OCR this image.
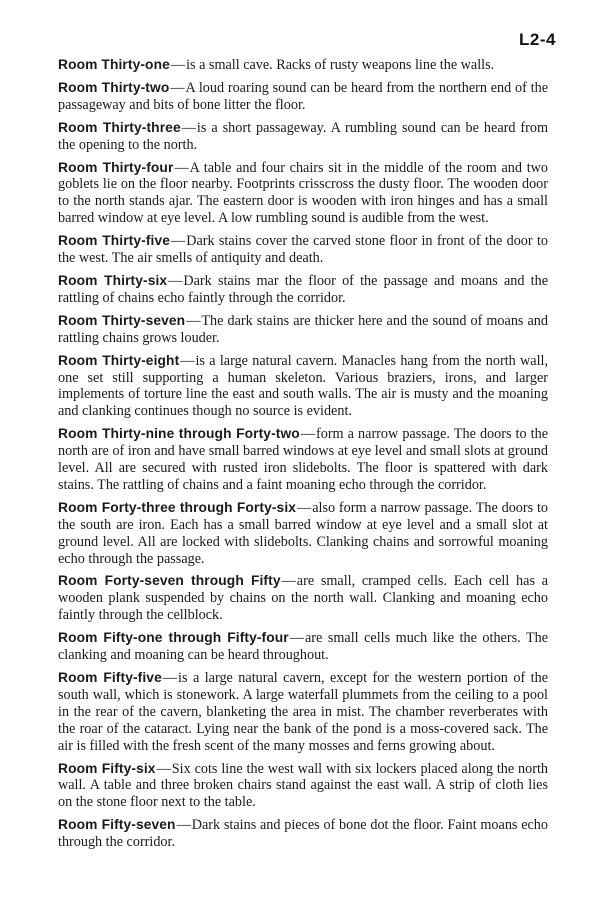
L2-4

Room Thirty-one—is a small cave. Racks of rusty weapons line the walls.

Room Thirty-two—A loud roaring sound can be heard from the northern end of the passageway and bits of bone litter the floor.

Room Thirty-three—is a short passageway. A rumbling sound can be heard from the opening to the north.

Room Thirty-four—A table and four chairs sit in the middle of the room and two goblets lie on the floor nearby. Footprints crisscross the dusty floor. The wooden door to the north stands ajar. The eastern door is wooden with iron hinges and has a small barred window at eye level. A low rumbling sound is audible from the west.

Room Thirty-five—Dark stains cover the carved stone floor in front of the door to the west. The air smells of antiquity and death.

Room Thirty-six—Dark stains mar the floor of the passage and moans and the rattling of chains echo faintly through the corridor.

Room Thirty-seven—The dark stains are thicker here and the sound of moans and rattling chains grows louder.

Room Thirty-eight—is a large natural cavern. Manacles hang from the north wall, one set still supporting a human skeleton. Various braziers, irons, and larger implements of torture line the east and south walls. The air is musty and the moaning and clanking continues though no source is evident.

Room Thirty-nine through Forty-two—form a narrow passage. The doors to the north are of iron and have small barred windows at eye level and small slots at ground level. All are secured with rusted iron slidebolts. The floor is spattered with dark stains. The rattling of chains and a faint moaning echo through the corridor.

Room Forty-three through Forty-six—also form a narrow passage. The doors to the south are iron. Each has a small barred window at eye level and a small slot at ground level. All are locked with slidebolts. Clanking chains and sorrowful moaning echo through the passage.

Room Forty-seven through Fifty—are small, cramped cells. Each cell has a wooden plank suspended by chains on the north wall. Clanking and moaning echo faintly through the cellblock.

Room Fifty-one through Fifty-four—are small cells much like the others. The clanking and moaning can be heard throughout.

Room Fifty-five—is a large natural cavern, except for the western portion of the south wall, which is stonework. A large waterfall plummets from the ceiling to a pool in the rear of the cavern, blanketing the area in mist. The chamber reverberates with the roar of the cataract. Lying near the bank of the pond is a moss-covered sack. The air is filled with the fresh scent of the many mosses and ferns growing about.

Room Fifty-six—Six cots line the west wall with six lockers placed along the north wall. A table and three broken chairs stand against the east wall. A strip of cloth lies on the stone floor next to the table.

Room Fifty-seven—Dark stains and pieces of bone dot the floor. Faint moans echo through the corridor.
